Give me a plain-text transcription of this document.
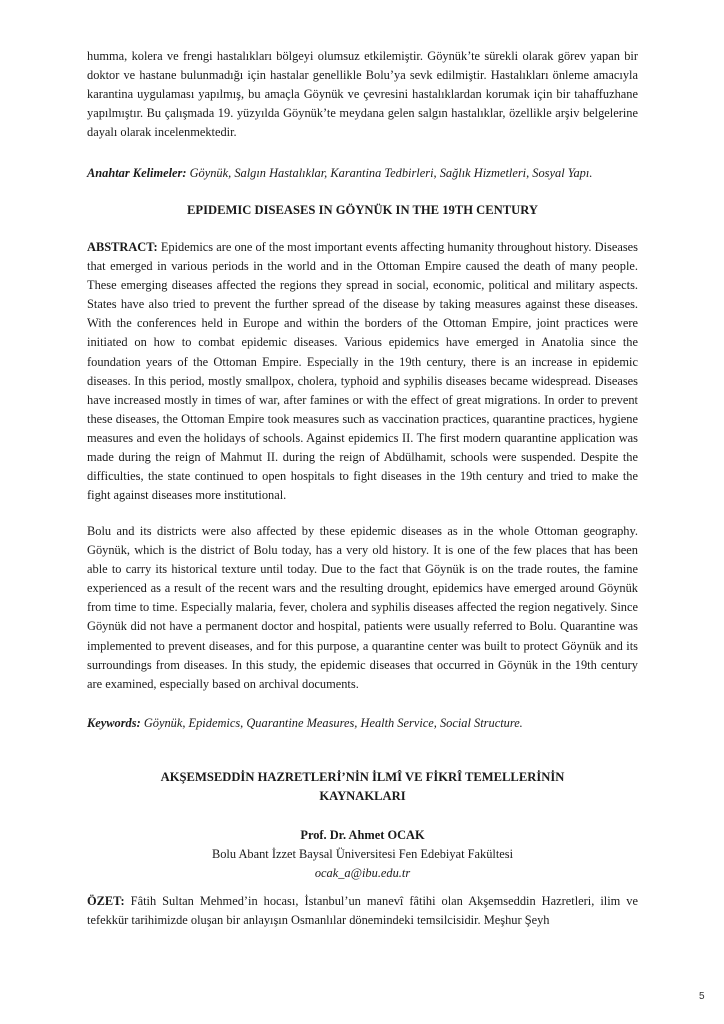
humma, kolera ve frengi hastalıkları bölgeyi olumsuz etkilemiştir. Göynük’te sürekli olarak görev yapan bir doktor ve hastane bulunmadığı için hastalar genellikle Bolu’ya sevk edilmiştir. Hastalıkları önleme amacıyla karantina uygulaması yapılmış, bu amaçla Göynük ve çevresini hastalıklardan korumak için bir tahaffuzhane yapılmıştır. Bu çalışmada 19. yüzyılda Göynük’te meydana gelen salgın hastalıklar, özellikle arşiv belgelerine dayalı olarak incelenmektedir.

Anahtar Kelimeler: Göynük, Salgın Hastalıklar, Karantina Tedbirleri, Sağlık Hizmetleri, Sosyal Yapı.

EPIDEMIC DISEASES IN GÖYNÜK IN THE 19TH CENTURY

ABSTRACT: Epidemics are one of the most important events affecting humanity throughout history. Diseases that emerged in various periods in the world and in the Ottoman Empire caused the death of many people. These emerging diseases affected the regions they spread in social, economic, political and military aspects. States have also tried to prevent the further spread of the disease by taking measures against these diseases. With the conferences held in Europe and within the borders of the Ottoman Empire, joint practices were initiated on how to combat epidemic diseases. Various epidemics have emerged in Anatolia since the foundation years of the Ottoman Empire. Especially in the 19th century, there is an increase in epidemic diseases. In this period, mostly smallpox, cholera, typhoid and syphilis diseases became widespread. Diseases have increased mostly in times of war, after famines or with the effect of great migrations. In order to prevent these diseases, the Ottoman Empire took measures such as vaccination practices, quarantine practices, hygiene measures and even the holidays of schools. Against epidemics II. The first modern quarantine application was made during the reign of Mahmut II. during the reign of Abdülhamit, schools were suspended. Despite the difficulties, the state continued to open hospitals to fight diseases in the 19th century and tried to make the fight against diseases more institutional.

Bolu and its districts were also affected by these epidemic diseases as in the whole Ottoman geography. Göynük, which is the district of Bolu today, has a very old history. It is one of the few places that has been able to carry its historical texture until today. Due to the fact that Göynük is on the trade routes, the famine experienced as a result of the recent wars and the resulting drought, epidemics have emerged around Göynük from time to time. Especially malaria, fever, cholera and syphilis diseases affected the region negatively. Since Göynük did not have a permanent doctor and hospital, patients were usually referred to Bolu. Quarantine was implemented to prevent diseases, and for this purpose, a quarantine center was built to protect Göynük and its surroundings from diseases. In this study, the epidemic diseases that occurred in Göynük in the 19th century are examined, especially based on archival documents.

Keywords: Göynük, Epidemics, Quarantine Measures, Health Service, Social Structure.

AKŞEMSEDDİN HAZRETLERİ’NİN İLMÎ VE FİKRÎ TEMELLERİNİN

KAYNAKLARI

Prof. Dr. Ahmet OCAK

Bolu Abant İzzet Baysal Üniversitesi Fen Edebiyat Fakültesi

ocak_a@ibu.edu.tr

ÖZET: Fâtih Sultan Mehmed’in hocası, İstanbul’un manevî fâtihi olan Akşemseddin Hazretleri, ilim ve tefekkür tarihimizde oluşan bir anlayışın Osmanlılar dönemindeki temsilcisidir. Meşhur Şeyh

5
